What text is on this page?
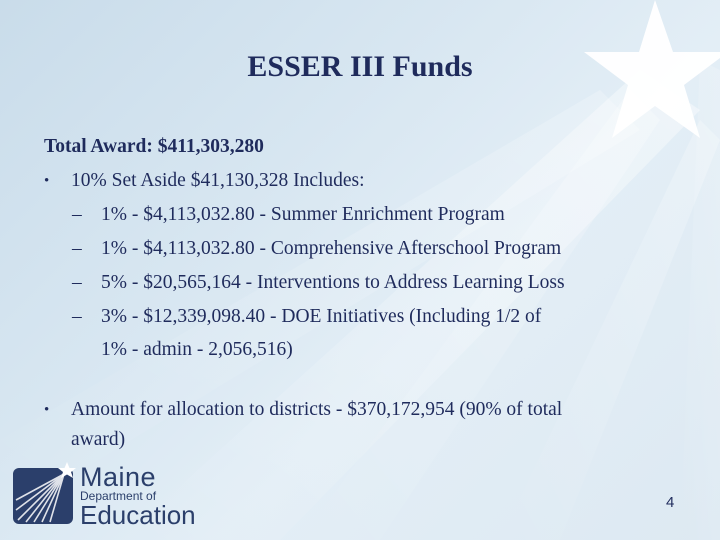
ESSER III Funds

Total Award: $411,303,280

• 10% Set Aside $41,130,328 Includes:

– 1% - $4,113,032.80 - Summer Enrichment Program

– 1% - $4,113,032.80 - Comprehensive Afterschool Program

– 5% - $20,565,164 - Interventions to Address Learning Loss

– 3% - $12,339,098.40 - DOE Initiatives (Including 1/2 of

1% - admin - 2,056,516)

• Amount for allocation to districts - $370,172,954 (90% of total
award)

Maine
Department of
Education	4
